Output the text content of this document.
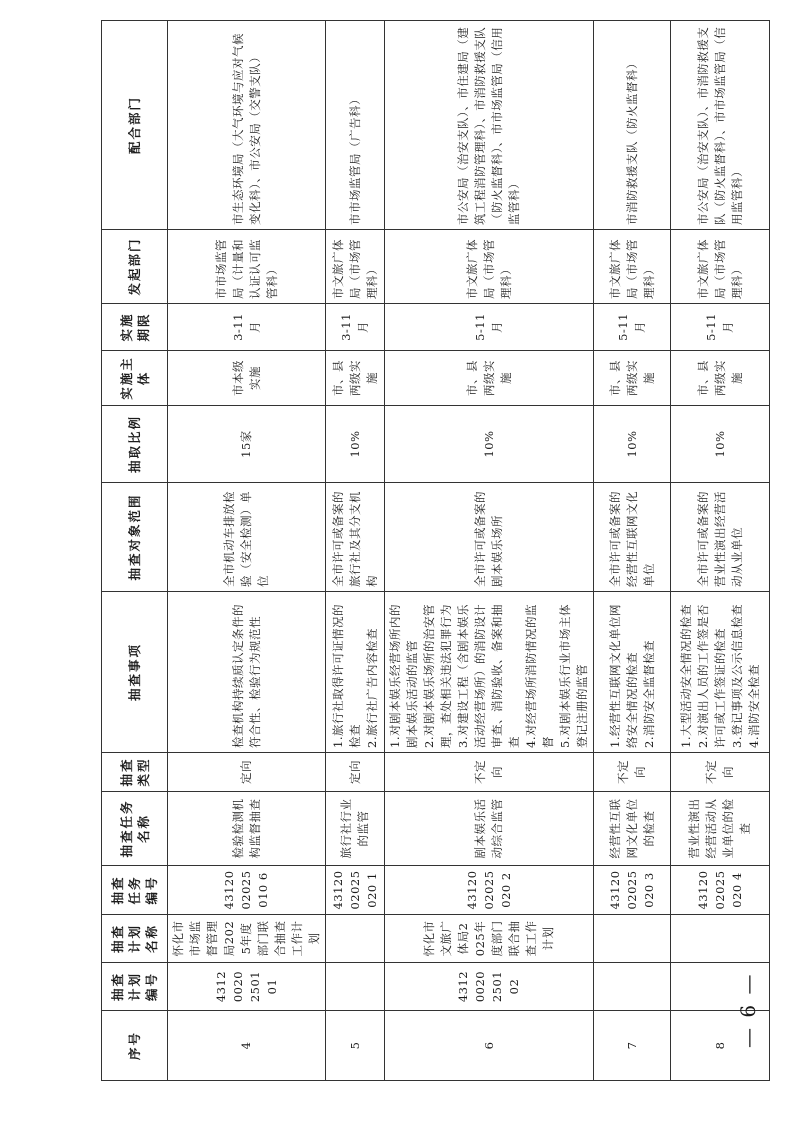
序号	抽查计划编号	抽查计划名称	抽查任务编号	抽查任务名称	抽查类型	抽查事项	抽查对象范围	抽取比例	实施主体	实施期限	发起部门	配合部门
4	43120020250101	怀化市市场监督管理局2025年度部门联合抽查工作计划	4312002025010 6	检验检测机构监督抽查	定向	检查机构持续质认定条件的符合性、检验行为规范性	全市机动车排放检验（安全检测）单位	15家	市本级实施	3-11月	市市场监管局（计量和认证认可监管科）	市生态环境局（大气环境与应对气候变化科）、市公安局（交警支队）
5			4312002025020 1	旅行社行业的监管	定向	1.旅行社取得许可证情况的检查 2.旅行社广告内容检查	全市许可或备案的旅行社及其分支机构	10%	市、县两级实施	3-11月	市文旅广体局（市场管理科）	市市场监管局（广告科）
6	43120020250102	怀化市文旅广体局2025年度部门联合抽查工作计划	4312002025020 2	剧本娱乐活动综合监管	不定向	1.对剧本娱乐经营场所内的剧本娱乐活动的监管 2.对剧本娱乐场所的治安管理，查处相关违法犯罪行为 3.对建设工程（含剧本娱乐活动经营场所）的消防设计审查、消防验收、备案和抽查 4.对经营场所消防情况的监督 5.对剧本娱乐行业市场主体登记注册的监管	全市许可或备案的剧本娱乐场所	10%	市、县两级实施	5-11月	市文旅广体局（市场管理科）	市公安局（治安支队）、市住建局（建筑工程消防管理科）、市消防救援支队（防火监督科）、市市场监管局（信用监管科）
7			4312002025020 3	经营性互联网文化单位的检查	不定向	1.经营性互联网文化单位网络安全情况的检查 2.消防安全监督检查	全市许可或备案的经营性互联网文化单位	10%	市、县两级实施	5-11月	市文旅广体局（市场管理科）	市消防救援支队（防火监督科）
8			4312002025020 4	营业性演出经营活动从业单位的检查	不定向	1.大型活动安全情况的检查 2.对演出人员的工作签是否许可或工作签证的检查 3.登记事项及公示信息检查 4.消防安全检查	全市许可或备案的营业性演出经营活动从业单位	10%	市、县两级实施	5-11月	市文旅广体局（市场管理科）	市公安局（治安支队）、市消防救援支队（防火监督科）、市市场监管局（信用监管科）
— 6 —
